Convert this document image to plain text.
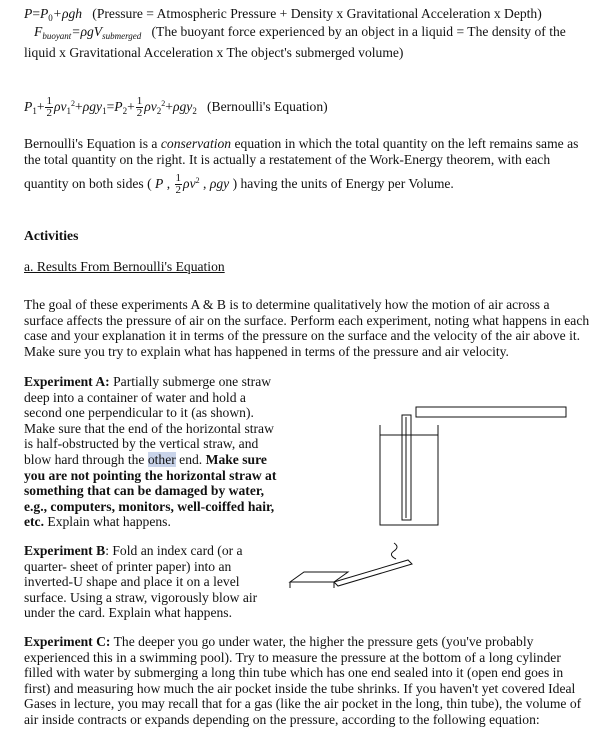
$P=P_0+\rho gh$ (Pressure = Atmospheric Pressure + Density x Gravitational Acceleration x Depth)
$F_{buoyant}=\rho gV_{submerged}$ (The buoyant force experienced by an object in a liquid = The density of the liquid x Gravitational Acceleration x The object's submerged volume)
$P_1+ \frac{1}{2} \rho v_1^2+\rho gy_1=P_2+ \frac{1}{2} \rho v_2^2+\rho gy_2$ (Bernoulli's Equation)
Bernoulli's Equation is a conservation equation in which the total quantity on the left remains same as the total quantity on the right. It is actually a restatement of the Work-Energy theorem, with each
quantity on both sides ( P , $\frac{1}{2} \rho v^2$ , ρgy ) having the units of Energy per Volume.
Activities
a. Results From Bernoulli's Equation
The goal of these experiments A & B is to determine qualitatively how the motion of air across a surface affects the pressure of air on the surface. Perform each experiment, noting what happens in each case and your explanation it in terms of the pressure on the surface and the velocity of the air above it. Make sure you try to explain what has happened in terms of the pressure and air velocity.
Experiment A: Partially submerge one straw deep into a container of water and hold a second one perpendicular to it (as shown). Make sure that the end of the horizontal straw is half-obstructed by the vertical straw, and blow hard through the other end. Make sure you are not pointing the horizontal straw at something that can be damaged by water, e.g., computers, monitors, well-coiffed hair, etc. Explain what happens.
Experiment B: Fold an index card (or a quarter- sheet of printer paper) into an inverted-U shape and place it on a level surface. Using a straw, vigorously blow air under the card. Explain what happens.
Experiment C: The deeper you go under water, the higher the pressure gets (you've probably experienced this in a swimming pool). Try to measure the pressure at the bottom of a long cylinder filled with water by submerging a long thin tube which has one end sealed into it (open end goes in first) and measuring how much the air pocket inside the tube shrinks. If you haven't yet covered Ideal Gases in lecture, you may recall that for a gas (like the air pocket in the long, thin tube), the volume of air inside contracts or expands depending on the pressure, according to the following equation:
